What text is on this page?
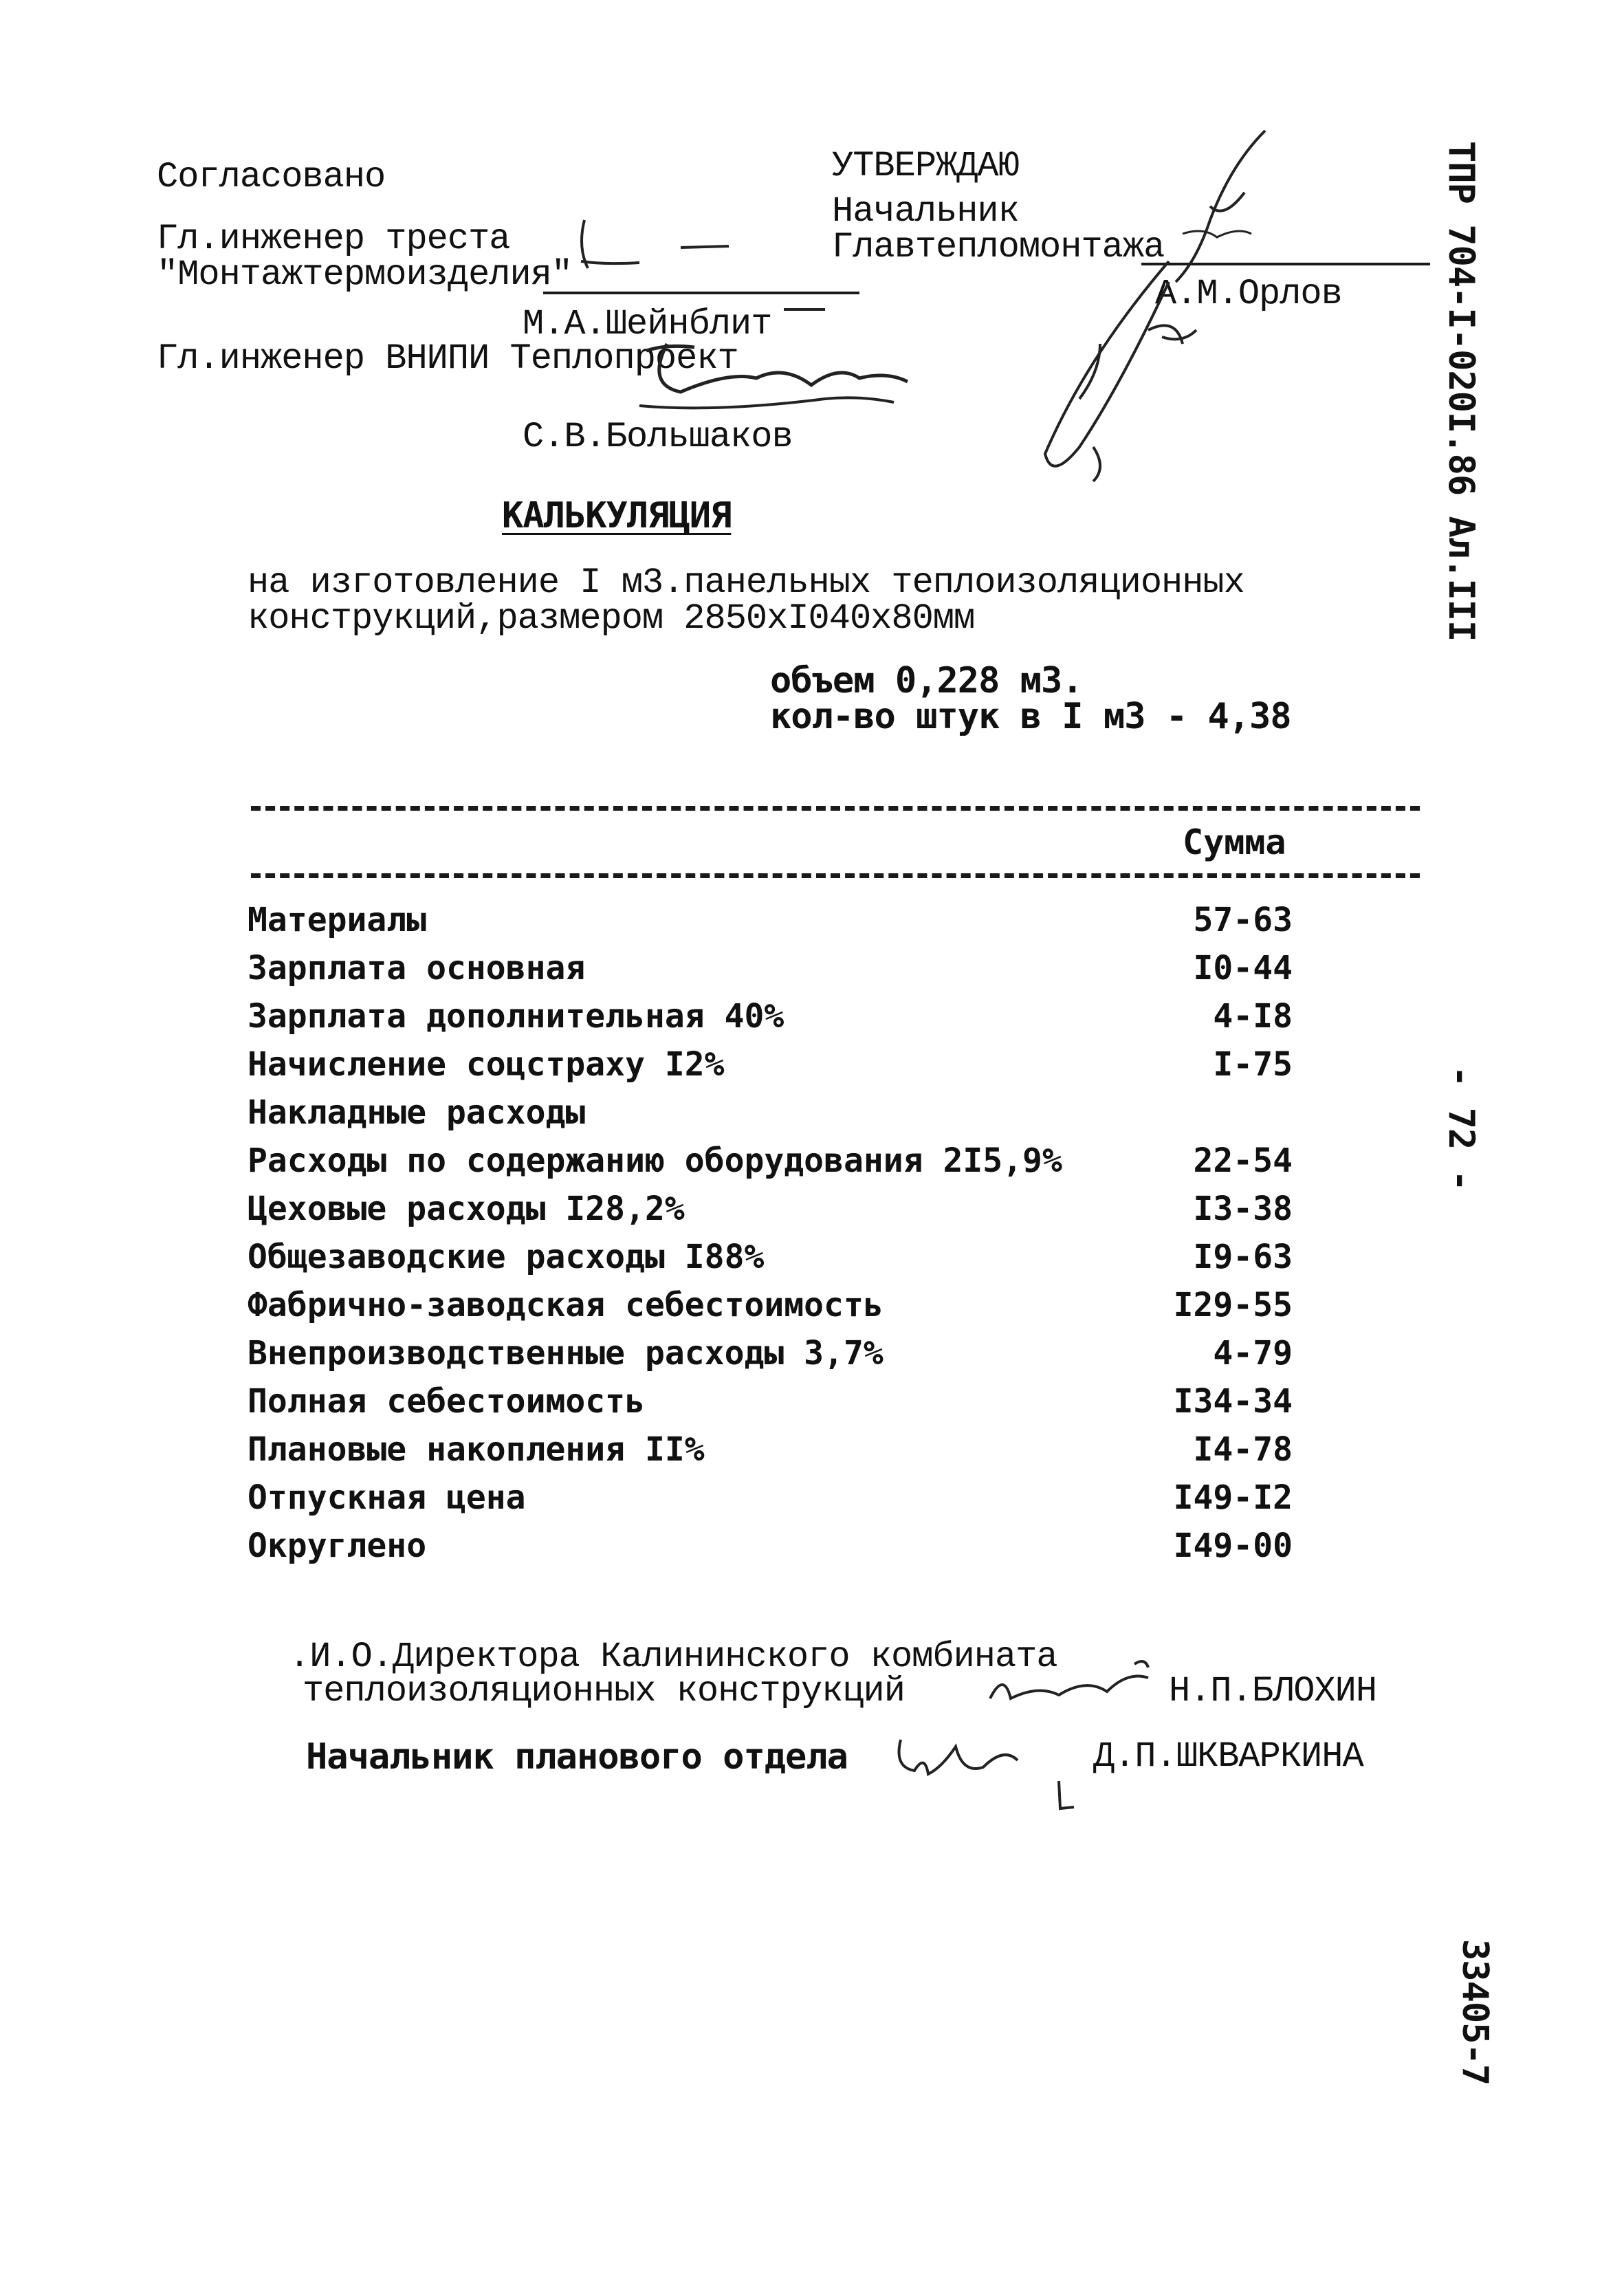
Согласовано
Гл.инженер треста
"Монтажтермоизделия"
М.А.Шейнблит
Гл.инженер ВНИПИ Теплопроект
С.В.Большаков
УТВЕРЖДАЮ
Начальник
Главтепломонтажа
А.М.Орлов
КАЛЬКУЛЯЦИЯ
на изготовление I м3.панельных теплоизоляционных
конструкций,размером 2850хI040х80мм
объем 0,228 м3.
кол-во штук в I м3 - 4,38
Сумма
Материалы	57-63
Зарплата основная	I0-44
Зарплата дополнительная 40%	4-I8
Начисление соцстраху I2%	I-75
Накладные расходы
Расходы по содержанию оборудования 2I5,9%	22-54
Цеховые расходы I28,2%	I3-38
Общезаводские расходы I88%	I9-63
Фабрично-заводская себестоимость	I29-55
Внепроизводственные расходы 3,7%	4-79
Полная себестоимость	I34-34
Плановые накопления II%	I4-78
Отпускная цена	I49-I2
Округлено	I49-00
.И.О.Директора Калининского комбината
теплоизоляционных конструкций	Н.П.БЛОХИН
Начальник планового отдела	Д.П.ШКВАРКИНА
ТПР 704-I-020I.86 Ал.III
- 72 -
33405-7
